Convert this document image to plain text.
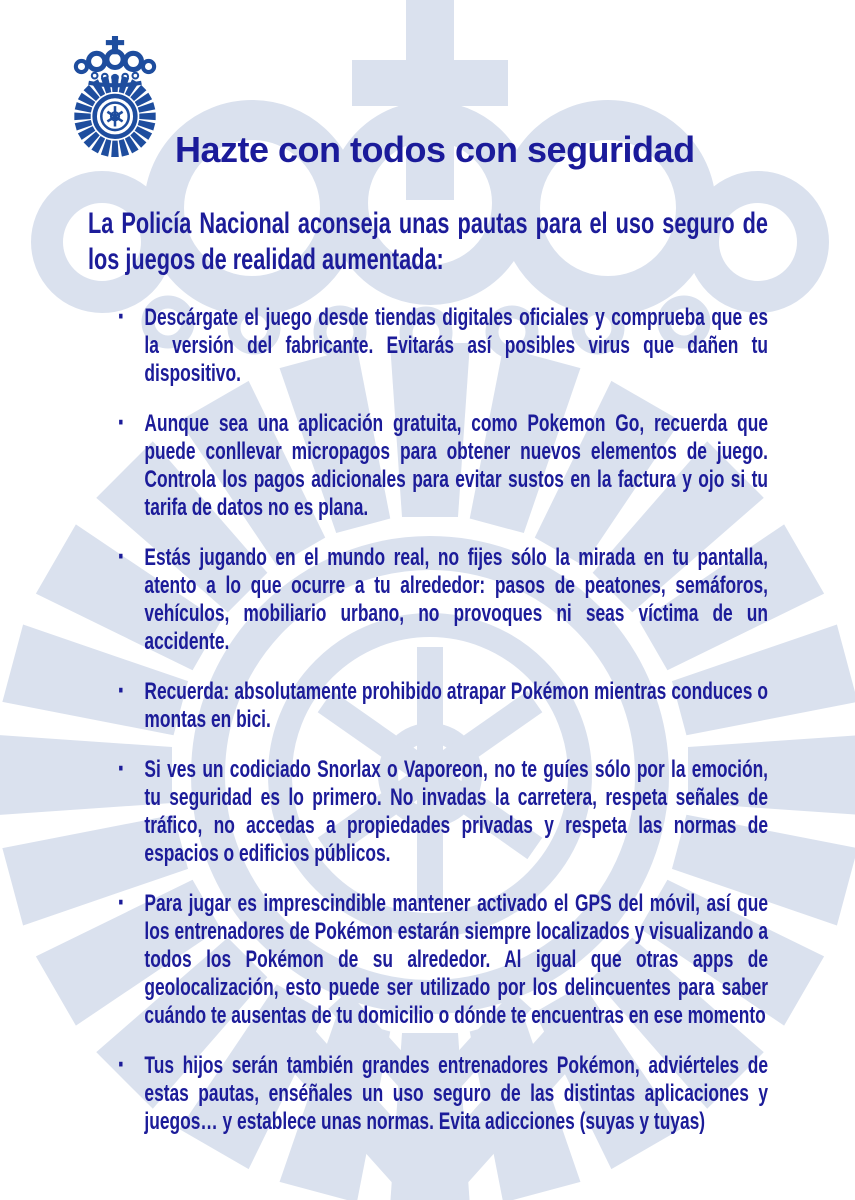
Hazte con todos con seguridad

La Policía Nacional aconseja unas pautas para el uso seguro de los juegos de realidad aumentada:

▪ Descárgate el juego desde tiendas digitales oficiales y comprueba que es la versión del fabricante. Evitarás así posibles virus que dañen tu dispositivo.
▪ Aunque sea una aplicación gratuita, como Pokemon Go, recuerda que puede conllevar micropagos para obtener nuevos elementos de juego. Controla los pagos adicionales para evitar sustos en la factura y ojo si tu tarifa de datos no es plana.
▪ Estás jugando en el mundo real, no fijes sólo la mirada en tu pantalla, atento a lo que ocurre a tu alrededor: pasos de peatones, semáforos, vehículos, mobiliario urbano, no provoques ni seas víctima de un accidente.
▪ Recuerda: absolutamente prohibido atrapar Pokémon mientras conduces o montas en bici.
▪ Si ves un codiciado Snorlax o Vaporeon, no te guíes sólo por la emoción, tu seguridad es lo primero. No invadas la carretera, respeta señales de tráfico, no accedas a propiedades privadas y respeta las normas de espacios o edificios públicos.
▪ Para jugar es imprescindible mantener activado el GPS del móvil, así que los entrenadores de Pokémon estarán siempre localizados y visualizando a todos los Pokémon de su alrededor. Al igual que otras apps de geolocalización, esto puede ser utilizado por los delincuentes para saber cuándo te ausentas de tu domicilio o dónde te encuentras en ese momento
▪ Tus hijos serán también grandes entrenadores Pokémon, adviérteles de estas pautas, enséñales un uso seguro de las distintas aplicaciones y juegos… y establece unas normas. Evita adicciones (suyas y tuyas)
